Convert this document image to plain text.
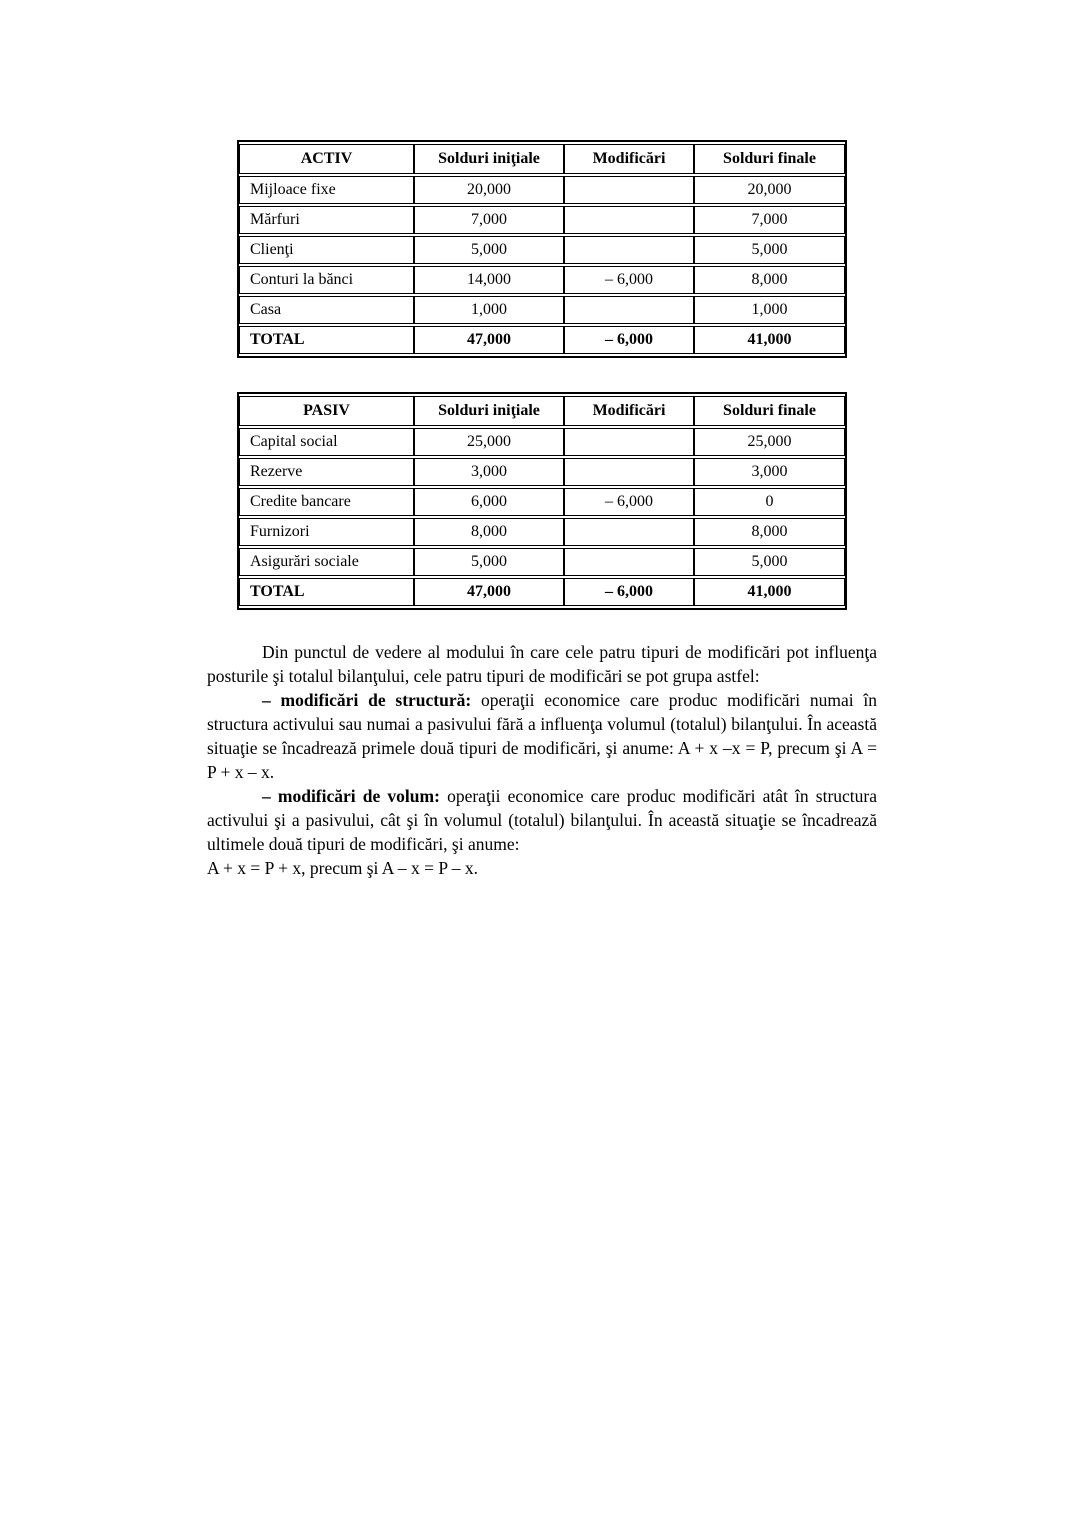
ACTIV	Solduri iniţiale	Modificări	Solduri finale
Mijloace fixe	20,000		20,000
Mărfuri	7,000		7,000
Clienţi	5,000		5,000
Conturi la bănci	14,000	– 6,000	8,000
Casa	1,000		1,000
TOTAL	47,000	– 6,000	41,000
PASIV	Solduri iniţiale	Modificări	Solduri finale
Capital social	25,000		25,000
Rezerve	3,000		3,000
Credite bancare	6,000	– 6,000	0
Furnizori	8,000		8,000
Asigurări sociale	5,000		5,000
TOTAL	47,000	– 6,000	41,000

Din punctul de vedere al modului în care cele patru tipuri de modificări pot influenţa posturile şi totalul bilanţului, cele patru tipuri de modificări se pot grupa astfel:

– modificări de structură: operaţii economice care produc modificări numai în structura activului sau numai a pasivului fără a influenţa volumul (totalul) bilanţului. În această situaţie se încadrează primele două tipuri de modificări, şi anume: A + x –x = P, precum şi A = P + x – x.

– modificări de volum: operaţii economice care produc modificări atât în structura activului şi a pasivului, cât şi în volumul (totalul) bilanţului. În această situaţie se încadrează ultimele două tipuri de modificări, şi anume:

A + x = P + x, precum şi A – x = P – x.
